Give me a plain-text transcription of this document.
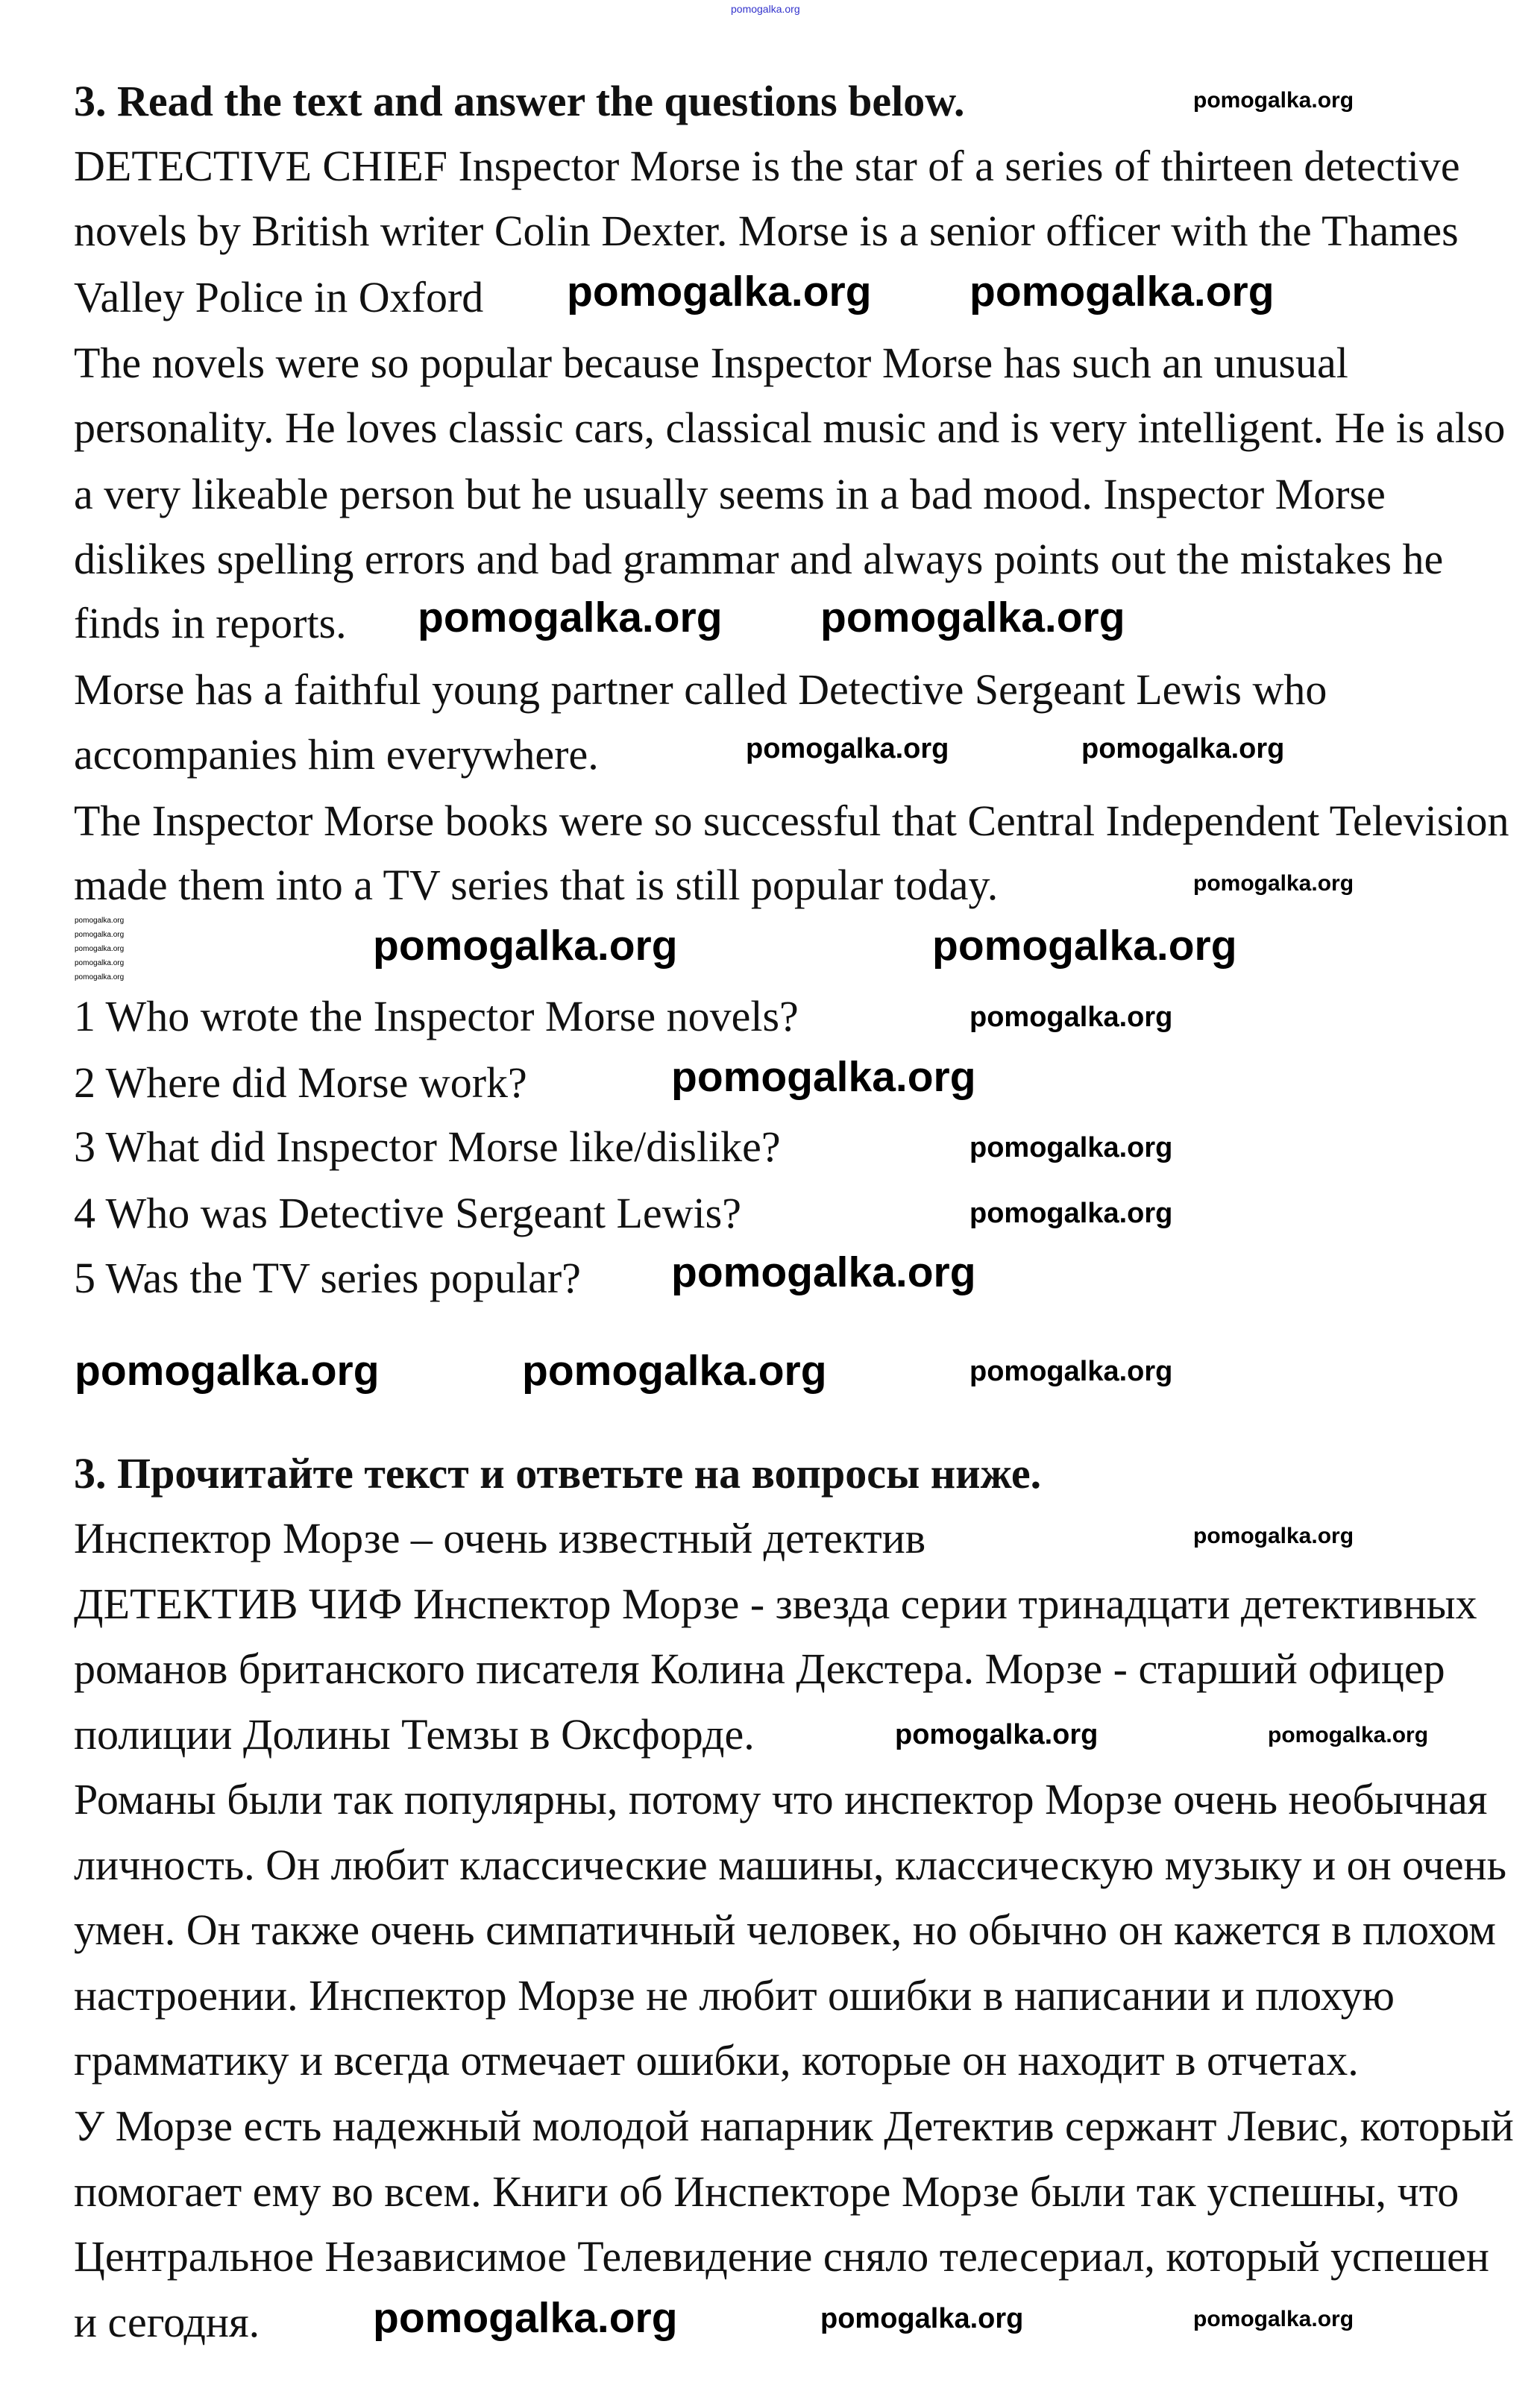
3. Read the text and answer the questions below.
DETECTIVE CHIEF Inspector Morse is the star of a series of thirteen detective
novels by British writer Colin Dexter. Morse is a senior officer with the Thames
Valley Police in Oxford
The novels were so popular because Inspector Morse has such an unusual
personality. He loves classic cars, classical music and is very intelligent. He is also
a very likeable person but he usually seems in a bad mood. Inspector Morse
dislikes spelling errors and bad grammar and always points out the mistakes he
finds in reports.
Morse has a faithful young partner called Detective Sergeant Lewis who
accompanies him everywhere.
The Inspector Morse books were so successful that Central Independent Television
made them into a TV series that is still popular today.
1 Who wrote the Inspector Morse novels?
2 Where did Morse work?
3 What did Inspector Morse like/dislike?
4 Who was Detective Sergeant Lewis?
5 Was the TV series popular?
3. Прочитайте текст и ответьте на вопросы ниже.
Инспектор Морзе – очень известный детектив
ДЕТЕКТИВ ЧИФ Инспектор Морзе - звезда серии тринадцати детективных
романов британского писателя Колина Декстера. Морзе - старший офицер
полиции Долины Темзы в Оксфорде.
Романы были так популярны, потому что инспектор Морзе очень необычная
личность. Он любит классические машины, классическую музыку и он очень
умен. Он также очень симпатичный человек, но обычно он кажется в плохом
настроении. Инспектор Морзе не любит ошибки в написании и плохую
грамматику и всегда отмечает ошибки, которые он находит в отчетах.
У Морзе есть надежный молодой напарник Детектив сержант Левис, который
помогает ему во всем. Книги об Инспекторе Морзе были так успешны, что
Центральное Независимое Телевидение сняло телесериал, который успешен
и сегодня.
pomogalka.org
pomogalka.org
pomogalka.org pomogalka.org
pomogalka.org pomogalka.org
pomogalka.org	pomogalka.org
pomogalka.org
pomogalka.org	pomogalka.org
pomogalka.org
pomogalka.org
pomogalka.org
pomogalka.org
pomogalka.org
pomogalka.org
pomogalka.org
pomogalka.org
pomogalka.org
pomogalka.org
pomogalka.org	pomogalka.org	pomogalka.org
pomogalka.org
pomogalka.org	pomogalka.org
pomogalka.org	pomogalka.org	pomogalka.org
